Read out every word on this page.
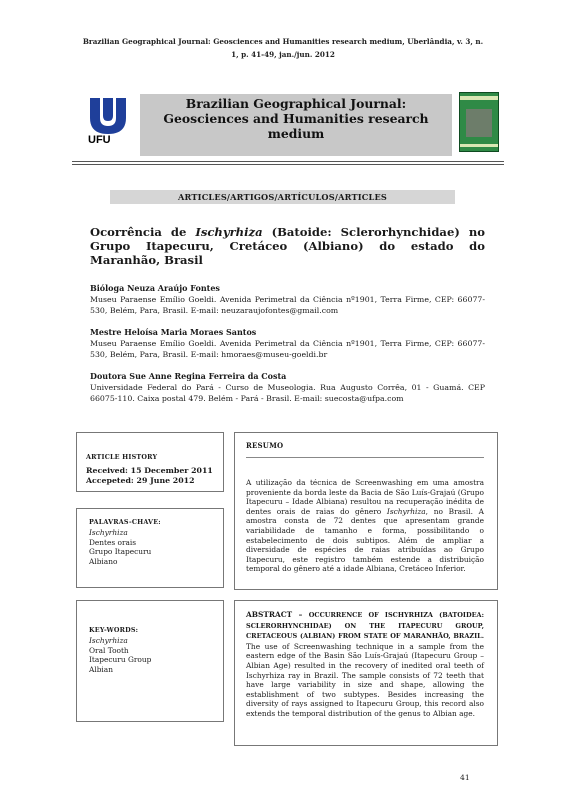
Brazilian Geographical Journal: Geosciences and Humanities research medium, Uberlândia, v. 3, n.
1, p. 41-49, jan./jun. 2012
UFU
Brazilian Geographical Journal:
Geosciences and Humanities research
medium
ARTICLES/ARTIGOS/ARTÍCULOS/ARTICLES
Ocorrência de Ischyrhiza (Batoide: Sclerorhynchidae) no Grupo Itapecuru, Cretáceo (Albiano) do estado do Maranhão, Brasil
Bióloga Neuza Araújo Fontes
Museu Paraense Emílio Goeldi. Avenida Perimetral da Ciência nº1901, Terra Firme, CEP: 66077-530, Belém, Para, Brasil. E-mail: neuzaraujofontes@gmail.com
Mestre Heloísa Maria Moraes Santos
Museu Paraense Emílio Goeldi. Avenida Perimetral da Ciência nº1901, Terra Firme, CEP: 66077-530, Belém, Para, Brasil. E-mail: hmoraes@museu-goeldi.br
Doutora Sue Anne Regina Ferreira da Costa
Universidade Federal do Pará - Curso de Museologia. Rua Augusto Corrêa, 01 - Guamá. CEP 66075-110. Caixa postal 479. Belém - Pará - Brasil. E-mail: suecosta@ufpa.com
ARTICLE HISTORY
Received: 15 December 2011
Accepeted: 29 June 2012
PALAVRAS-CHAVE:
Ischyrhiza
Dentes orais
Grupo Itapecuru
Albiano
KEY-WORDS:
Ischyrhiza
Oral Tooth
Itapecuru Group
Albian
RESUMO
A utilização da técnica de Screenwashing em uma amostra proveniente da borda leste da Bacia de São Luís-Grajaú (Grupo Itapecuru – Idade Albiana) resultou na recuperação inédita de dentes orais de raias do gênero Ischyrhiza, no Brasil. A amostra consta de 72 dentes que apresentam grande variabilidade de tamanho e forma, possibilitando o estabelecimento de dois subtipos. Além de ampliar a diversidade de espécies de raias atribuídas ao Grupo Itapecuru, este registro também estende a distribuição temporal do gênero até a idade Albiana, Cretáceo Inferior.
ABSTRACT – OCCURRENCE OF ISCHYRHIZA (BATOIDEA: SCLERORHYNCHIDAE) ON THE ITAPECURU GROUP, CRETACEOUS (ALBIAN) FROM STATE OF MARANHÃO, BRAZIL. The use of Screenwashing technique in a sample from the eastern edge of the Basin São Luís-Grajaú (Itapecuru Group – Albian Age) resulted in the recovery of inedited oral teeth of Ischyrhiza ray in Brazil. The sample consists of 72 teeth that have large variability in size and shape, allowing the establishment of two subtypes. Besides increasing the diversity of rays assigned to Itapecuru Group, this record also extends the temporal distribution of the genus to Albian age.
41
